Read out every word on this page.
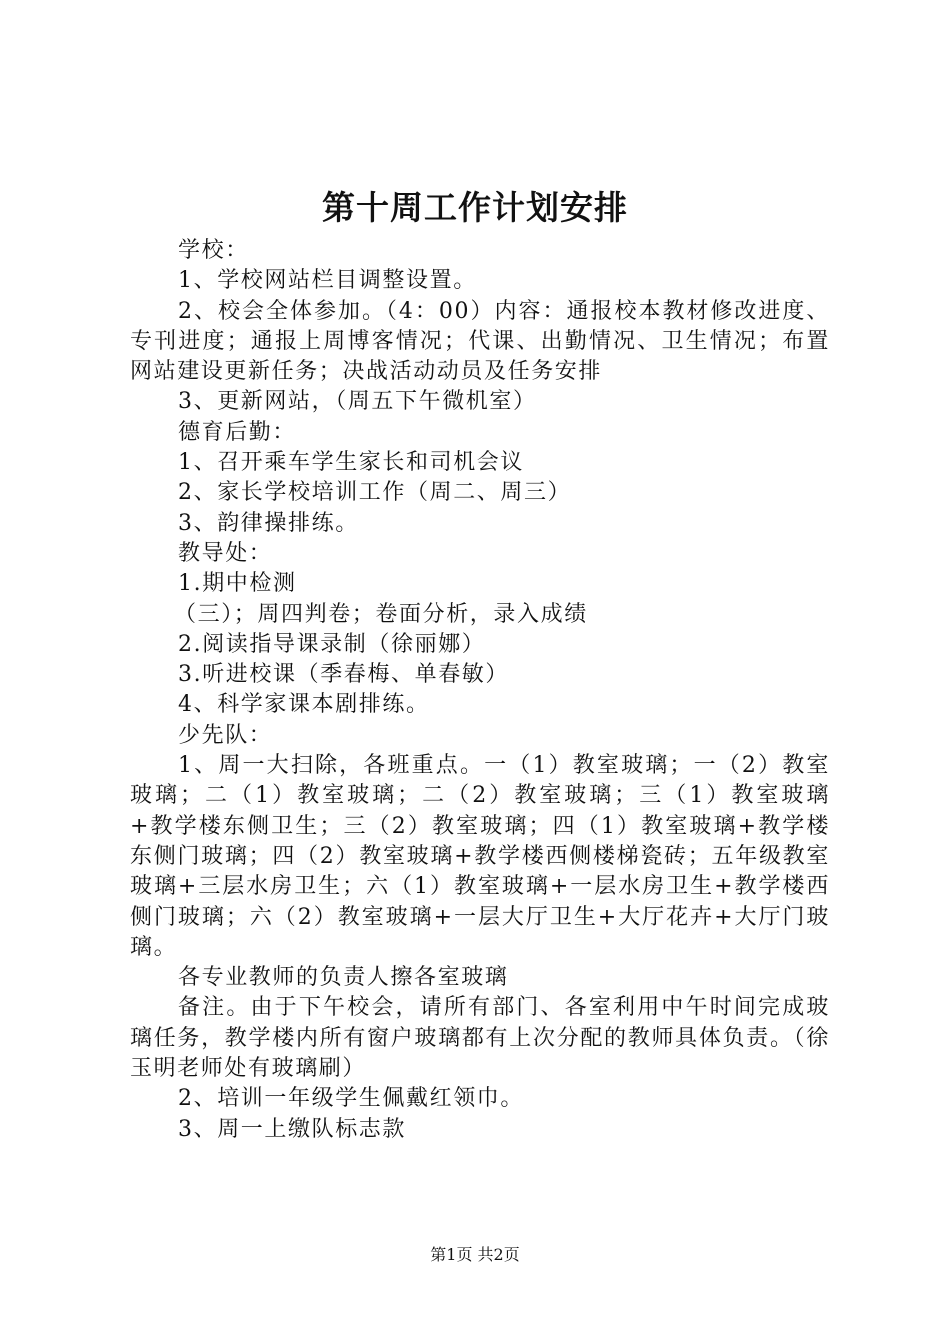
第十周工作计划安排

学校：

1、学校网站栏目调整设置。

2、校会全体参加。（4：00）内容：通报校本教材修改进度、专刊进度；通报上周博客情况；代课、出勤情况、卫生情况；布置网站建设更新任务；决战活动动员及任务安排

3、更新网站，（周五下午微机室）

德育后勤：

1、召开乘车学生家长和司机会议

2、家长学校培训工作（周二、周三）

3、韵律操排练。

教导处：

1.期中检测

（三）；周四判卷；卷面分析，录入成绩

2.阅读指导课录制（徐丽娜）

3.听进校课（季春梅、单春敏）

4、科学家课本剧排练。

少先队：

1、周一大扫除，各班重点。一（1）教室玻璃；一（2）教室玻璃；二（1）教室玻璃；二（2）教室玻璃；三（1）教室玻璃+教学楼东侧卫生；三（2）教室玻璃；四（1）教室玻璃+教学楼东侧门玻璃；四（2）教室玻璃+教学楼西侧楼梯瓷砖；五年级教室玻璃+三层水房卫生；六（1）教室玻璃+一层水房卫生+教学楼西侧门玻璃；六（2）教室玻璃+一层大厅卫生+大厅花卉+大厅门玻璃。

各专业教师的负责人擦各室玻璃

备注。由于下午校会，请所有部门、各室利用中午时间完成玻璃任务，教学楼内所有窗户玻璃都有上次分配的教师具体负责。（徐玉明老师处有玻璃刷）

2、培训一年级学生佩戴红领巾。

3、周一上缴队标志款

第1页 共2页
